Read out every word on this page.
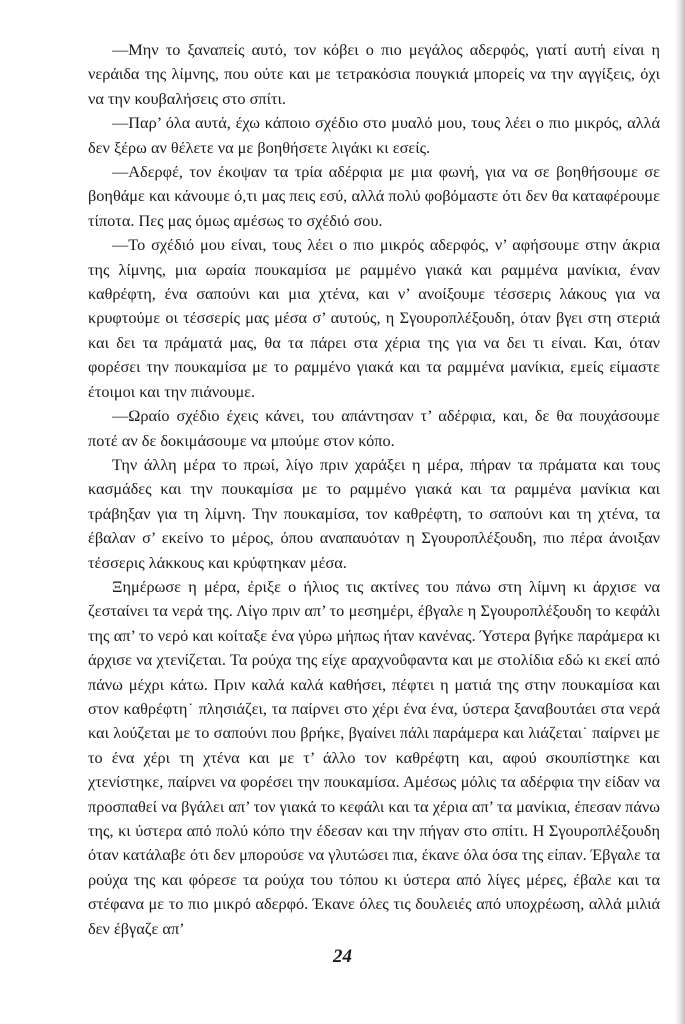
—Μην το ξαναπείς αυτό, τον κόβει ο πιο μεγάλος αδερφός, γιατί αυτή είναι η νεράιδα της λίμνης, που ούτε και με τετρακόσια πουγκιά μπορείς να την αγγίξεις, όχι να την κουβαλήσεις στο σπίτι.

—Παρ’ όλα αυτά, έχω κάποιο σχέδιο στο μυαλό μου, τους λέει ο πιο μικρός, αλλά δεν ξέρω αν θέλετε να με βοηθήσετε λιγάκι κι εσείς.

—Αδερφέ, τον έκοψαν τα τρία αδέρφια με μια φωνή, για να σε βοηθήσουμε σε βοηθάμε και κάνουμε ό,τι μας πεις εσύ, αλλά πολύ φοβόμαστε ότι δεν θα καταφέρουμε τίποτα. Πες μας όμως αμέσως το σχέδιό σου.

—Το σχέδιό μου είναι, τους λέει ο πιο μικρός αδερφός, ν’ αφήσουμε στην άκρια της λίμνης, μια ωραία πουκαμίσα με ραμμένο γιακά και ραμμένα μανίκια, έναν καθρέφτη, ένα σαπούνι και μια χτένα, και ν’ ανοίξουμε τέσσερις λάκους για να κρυφτούμε οι τέσσερίς μας μέσα σ’ αυτούς, η Σγουροπλέξουδη, όταν βγει στη στεριά και δει τα πράματά μας, θα τα πάρει στα χέρια της για να δει τι είναι. Και, όταν φορέσει την πουκαμίσα με το ραμμένο γιακά και τα ραμμένα μανίκια, εμείς είμαστε έτοιμοι και την πιάνουμε.

—Ωραίο σχέδιο έχεις κάνει, του απάντησαν τ’ αδέρφια, και, δε θα πουχάσουμε ποτέ αν δε δοκιμάσουμε να μπούμε στον κόπο.

Την άλλη μέρα το πρωί, λίγο πριν χαράξει η μέρα, πήραν τα πράματα και τους κασμάδες και την πουκαμίσα με το ραμμένο γιακά και τα ραμμένα μανίκια και τράβηξαν για τη λίμνη. Την πουκαμίσα, τον καθρέφτη, το σαπούνι και τη χτένα, τα έβαλαν σ’ εκείνο το μέρος, όπου αναπαυόταν η Σγουροπλέξουδη, πιο πέρα άνοιξαν τέσσερις λάκκους και κρύφτηκαν μέσα.

Ξημέρωσε η μέρα, έριξε ο ήλιος τις ακτίνες του πάνω στη λίμνη κι άρχισε να ζεσταίνει τα νερά της. Λίγο πριν απ’ το μεσημέρι, έβγαλε η Σγουροπλέξουδη το κεφάλι της απ’ το νερό και κοίταξε ένα γύρω μήπως ήταν κανένας. Ύστερα βγήκε παράμερα κι άρχισε να χτενίζεται. Τα ρούχα της είχε αραχνοΰφαντα και με στολίδια εδώ κι εκεί από πάνω μέχρι κάτω. Πριν καλά καλά καθήσει, πέφτει η ματιά της στην πουκαμίσα και στον καθρέφτη˙ πλησιάζει, τα παίρνει στο χέρι ένα ένα, ύστερα ξαναβουτάει στα νερά και λούζεται με το σαπούνι που βρήκε, βγαίνει πάλι παράμερα και λιάζεται˙ παίρνει με το ένα χέρι τη χτένα και με τ’ άλλο τον καθρέφτη και, αφού σκουπίστηκε και χτενίστηκε, παίρνει να φορέσει την πουκαμίσα. Αμέσως μόλις τα αδέρφια την είδαν να προσπαθεί να βγάλει απ’ τον γιακά το κεφάλι και τα χέρια απ’ τα μανίκια, έπεσαν πάνω της, κι ύστερα από πολύ κόπο την έδεσαν και την πήγαν στο σπίτι. Η Σγουροπλέξουδη όταν κατάλαβε ότι δεν μπορούσε να γλυτώσει πια, έκανε όλα όσα της είπαν. Έβγαλε τα ρούχα της και φόρεσε τα ρούχα του τόπου κι ύστερα από λίγες μέρες, έβαλε και τα στέφανα με το πιο μικρό αδερφό. Έκανε όλες τις δουλειές από υποχρέωση, αλλά μιλιά δεν έβγαζε απ’

24
